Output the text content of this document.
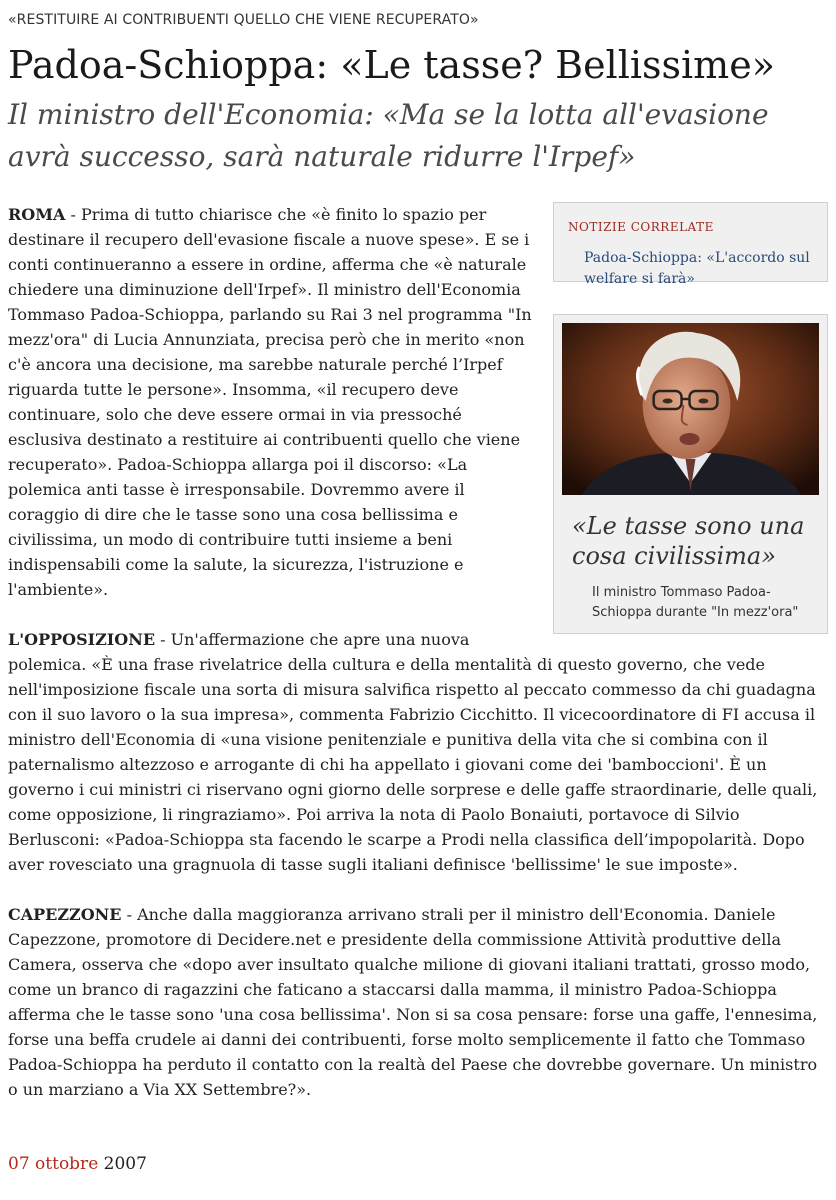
«RESTITUIRE AI CONTRIBUENTI QUELLO CHE VIENE RECUPERATO»
Padoa-Schioppa: «Le tasse? Bellissime»
Il ministro dell'Economia: «Ma se la lotta all'evasione avrà successo, sarà naturale ridurre l'Irpef»
NOTIZIE CORRELATE
Padoa-Schioppa: «L'accordo sul welfare si farà»
«Le tasse sono una cosa civilissima»
Il ministro Tommaso Padoa-Schioppa durante "In mezz'ora"

ROMA - Prima di tutto chiarisce che «è finito lo spazio per destinare il recupero dell'evasione fiscale a nuove spese». E se i conti continueranno a essere in ordine, afferma che «è naturale chiedere una diminuzione dell'Irpef». Il ministro dell'Economia Tommaso Padoa-Schioppa, parlando su Rai 3 nel programma "In mezz'ora" di Lucia Annunziata, precisa però che in merito «non c'è ancora una decisione, ma sarebbe naturale perché l’Irpef riguarda tutte le persone». Insomma, «il recupero deve continuare, solo che deve essere ormai in via pressoché esclusiva destinato a restituire ai contribuenti quello che viene recuperato». Padoa-Schioppa allarga poi il discorso: «La polemica anti tasse è irresponsabile. Dovremmo avere il coraggio di dire che le tasse sono una cosa bellissima e civilissima, un modo di contribuire tutti insieme a beni indispensabili come la salute, la sicurezza, l'istruzione e l'ambiente».

L'OPPOSIZIONE - Un'affermazione che apre una nuova polemica. «È una frase rivelatrice della cultura e della mentalità di questo governo, che vede nell'imposizione fiscale una sorta di misura salvifica rispetto al peccato commesso da chi guadagna con il suo lavoro o la sua impresa», commenta Fabrizio Cicchitto. Il vicecoordinatore di FI accusa il ministro dell'Economia di «una visione penitenziale e punitiva della vita che si combina con il paternalismo altezzoso e arrogante di chi ha appellato i giovani come dei 'bamboccioni'. È un governo i cui ministri ci riservano ogni giorno delle sorprese e delle gaffe straordinarie, delle quali, come opposizione, li ringraziamo». Poi arriva la nota di Paolo Bonaiuti, portavoce di Silvio Berlusconi: «Padoa-Schioppa sta facendo le scarpe a Prodi nella classifica dell’impopolarità. Dopo aver rovesciato una gragnuola di tasse sugli italiani definisce 'bellissime' le sue imposte».

CAPEZZONE - Anche dalla maggioranza arrivano strali per il ministro dell'Economia. Daniele Capezzone, promotore di Decidere.net e presidente della commissione Attività produttive della Camera, osserva che «dopo aver insultato qualche milione di giovani italiani trattati, grosso modo, come un branco di ragazzini che faticano a staccarsi dalla mamma, il ministro Padoa-Schioppa afferma che le tasse sono 'una cosa bellissima'. Non si sa cosa pensare: forse una gaffe, l'ennesima, forse una beffa crudele ai danni dei contribuenti, forse molto semplicemente il fatto che Tommaso Padoa-Schioppa ha perduto il contatto con la realtà del Paese che dovrebbe governare. Un ministro o un marziano a Via XX Settembre?».

07 ottobre 2007
